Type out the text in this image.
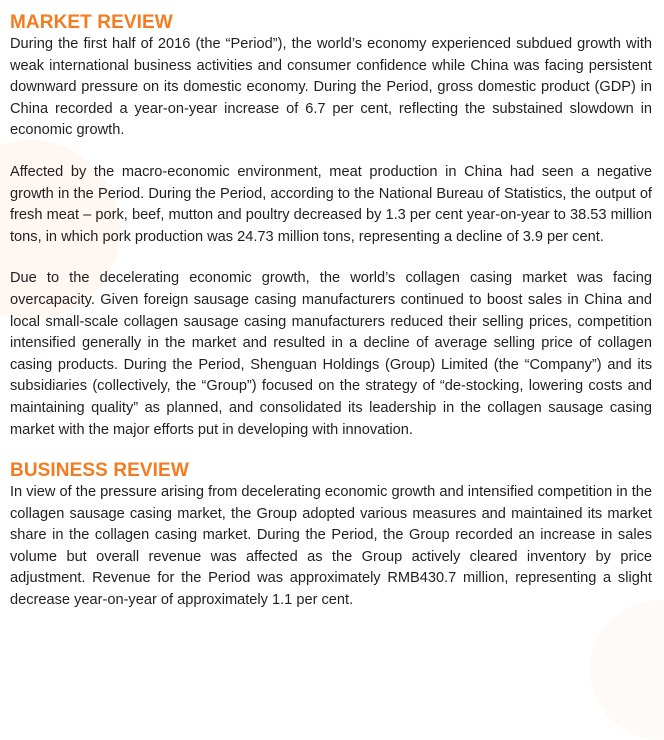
MARKET REVIEW

During the first half of 2016 (the “Period”), the world’s economy experienced subdued growth with weak international business activities and consumer confidence while China was facing persistent downward pressure on its domestic economy. During the Period, gross domestic product (GDP) in China recorded a year-on-year increase of 6.7 per cent, reflecting the substained slowdown in economic growth.

Affected by the macro-economic environment, meat production in China had seen a negative growth in the Period. During the Period, according to the National Bureau of Statistics, the output of fresh meat – pork, beef, mutton and poultry decreased by 1.3 per cent year-on-year to 38.53 million tons, in which pork production was 24.73 million tons, representing a decline of 3.9 per cent.

Due to the decelerating economic growth, the world’s collagen casing market was facing overcapacity. Given foreign sausage casing manufacturers continued to boost sales in China and local small-scale collagen sausage casing manufacturers reduced their selling prices, competition intensified generally in the market and resulted in a decline of average selling price of collagen casing products. During the Period, Shenguan Holdings (Group) Limited (the “Company”) and its subsidiaries (collectively, the “Group”) focused on the strategy of “de-stocking, lowering costs and maintaining quality” as planned, and consolidated its leadership in the collagen sausage casing market with the major efforts put in developing with innovation.

BUSINESS REVIEW

In view of the pressure arising from decelerating economic growth and intensified competition in the collagen sausage casing market, the Group adopted various measures and maintained its market share in the collagen casing market. During the Period, the Group recorded an increase in sales volume but overall revenue was affected as the Group actively cleared inventory by price adjustment. Revenue for the Period was approximately RMB430.7 million, representing a slight decrease year-on-year of approximately 1.1 per cent.
